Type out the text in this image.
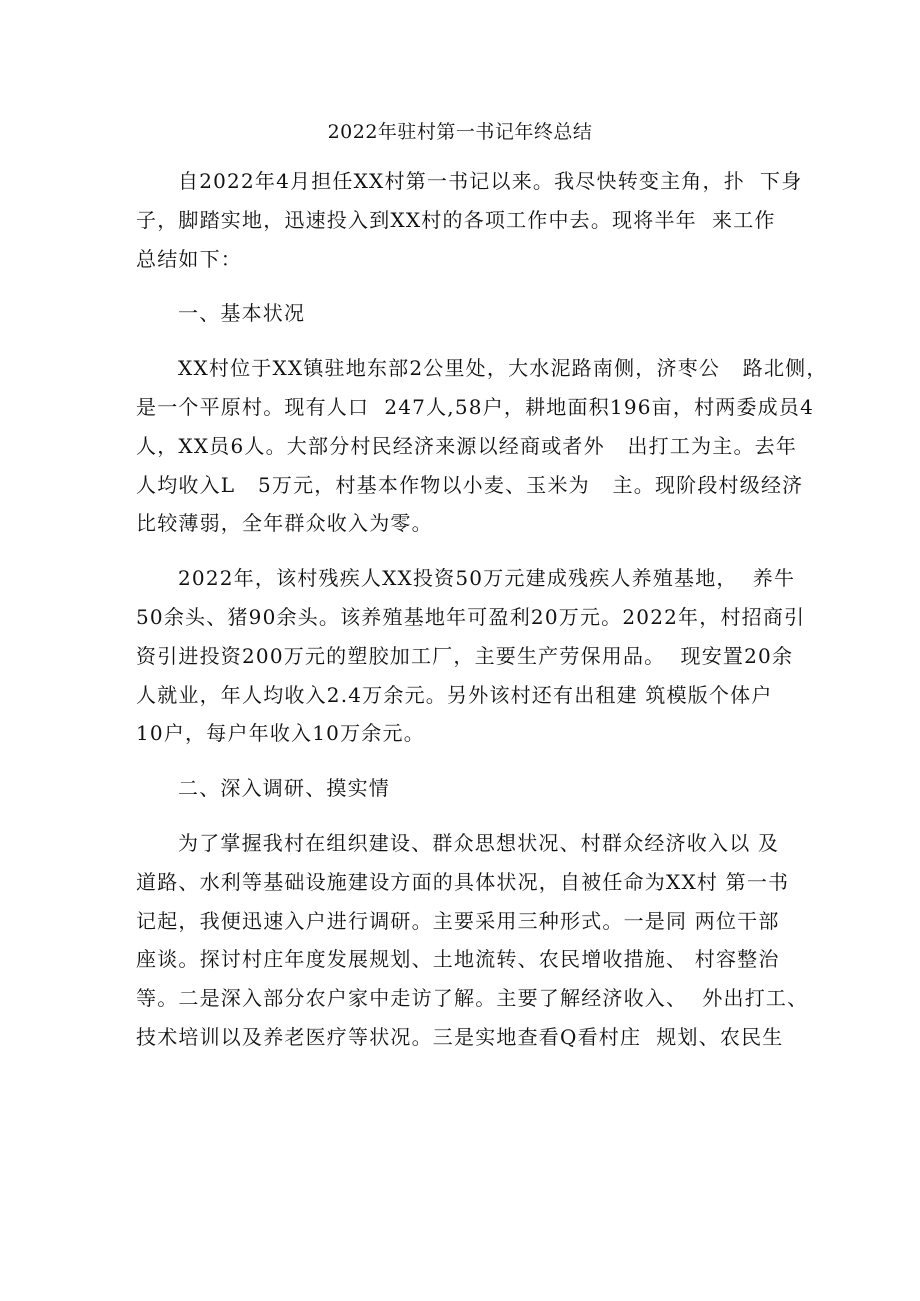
2022年驻村第一书记年终总结
自2022年4月担任XX村第一书记以来。我尽快转变主角，扑  下身
子，脚踏实地，迅速投入到XX村的各项工作中去。现将半年  来工作
总结如下：
一、基本状况
XX村位于XX镇驻地东部2公里处，大水泥路南侧，济枣公   路北侧，
是一个平原村。现有人口  247人,58户，耕地面积196亩，村两委成员4
人，XX员6人。大部分村民经济来源以经商或者外   出打工为主。去年
人均收入L   5万元，村基本作物以小麦、玉米为   主。现阶段村级经济
比较薄弱，全年群众收入为零。
2022年，该村残疾人XX投资50万元建成残疾人养殖基地，  养牛
50余头、猪90余头。该养殖基地年可盈利20万元。2022年，村招商引
资引进投资200万元的塑胶加工厂，主要生产劳保用品。  现安置20余
人就业，年人均收入2.4万余元。另外该村还有出租建 筑模版个体户
10户，每户年收入10万余元。
二、深入调研、摸实情
为了掌握我村在组织建设、群众思想状况、村群众经济收入以 及
道路、水利等基础设施建设方面的具体状况，自被任命为XX村 第一书
记起，我便迅速入户进行调研。主要采用三种形式。一是同 两位干部
座谈。探讨村庄年度发展规划、土地流转、农民增收措施、 村容整治
等。二是深入部分农户家中走访了解。主要了解经济收入、  外出打工、
技术培训以及养老医疗等状况。三是实地查看Q看村庄  规划、农民生
